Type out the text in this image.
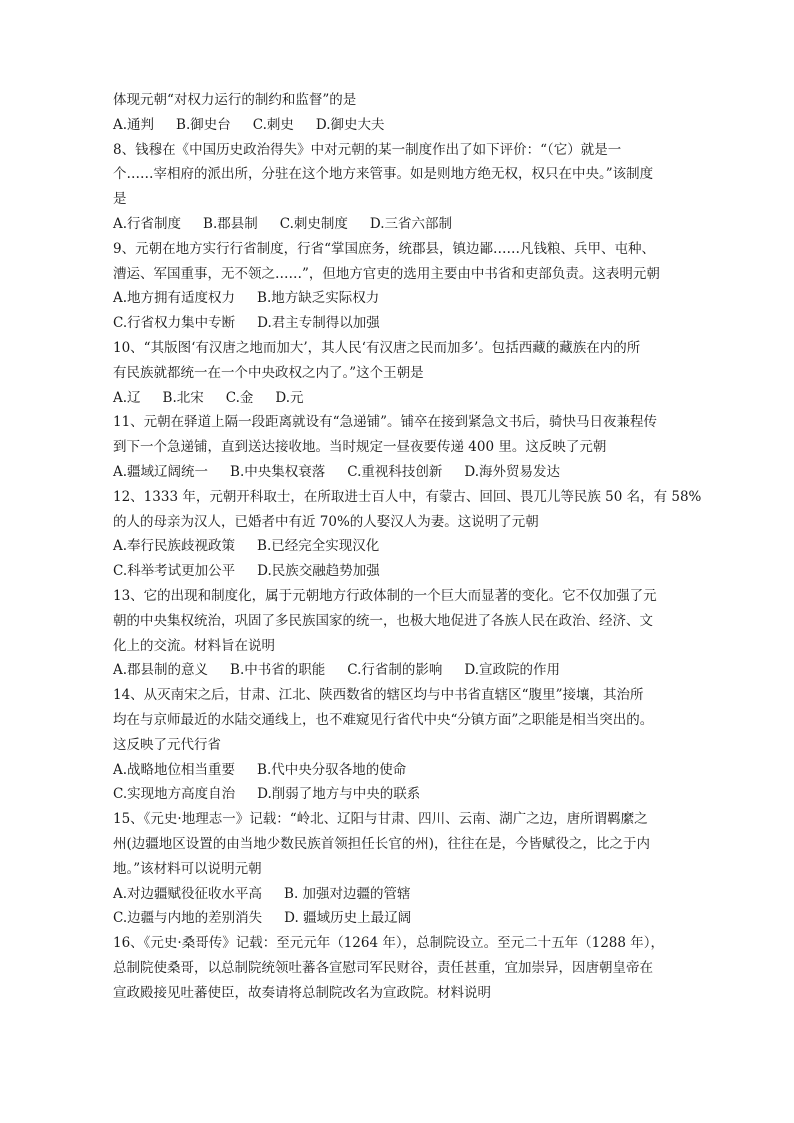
体现元朝“对权力运行的制约和监督”的是
A.通判 B.御史台 C.刺史 D.御史大夫
8、钱穆在《中国历史政治得失》中对元朝的某一制度作出了如下评价：“（它）就是一
个……宰相府的派出所，分驻在这个地方来管事。如是则地方绝无权，权只在中央。”该制度
是
A.行省制度 B.郡县制 C.刺史制度 D.三省六部制
9、元朝在地方实行行省制度，行省“掌国庶务，统郡县，镇边鄙……凡钱粮、兵甲、屯种、
漕运、军国重事，无不领之……”，但地方官吏的选用主要由中书省和吏部负责。这表明元朝
A.地方拥有适度权力 B.地方缺乏实际权力
C.行省权力集中专断 D.君主专制得以加强
10、“其版图‘有汉唐之地而加大’，其人民‘有汉唐之民而加多’。包括西藏的藏族在内的所
有民族就都统一在一个中央政权之内了。”这个王朝是
A.辽 B.北宋 C.金 D.元
11、元朝在驿道上隔一段距离就设有“急递铺”。铺卒在接到紧急文书后，骑快马日夜兼程传
到下一个急递铺，直到送达接收地。当时规定一昼夜要传递 400 里。这反映了元朝
A.疆域辽阔统一 B.中央集权衰落 C.重视科技创新 D.海外贸易发达
12、1333 年，元朝开科取士，在所取进士百人中，有蒙古、回回、畏兀儿等民族 50 名，有 58%
的人的母亲为汉人，已婚者中有近 70%的人娶汉人为妻。这说明了元朝
A.奉行民族歧视政策 B.已经完全实现汉化
C.科举考试更加公平 D.民族交融趋势加强
13、它的出现和制度化，属于元朝地方行政体制的一个巨大而显著的变化。它不仅加强了元
朝的中央集权统治，巩固了多民族国家的统一，也极大地促进了各族人民在政治、经济、文
化上的交流。材料旨在说明
A.郡县制的意义 B.中书省的职能 C.行省制的影响 D.宣政院的作用
14、从灭南宋之后，甘肃、江北、陕西数省的辖区均与中书省直辖区“腹里”接壤，其治所
均在与京师最近的水陆交通线上，也不难窥见行省代中央“分镇方面”之职能是相当突出的。
这反映了元代行省
A.战略地位相当重要 B.代中央分驭各地的使命
C.实现地方高度自治 D.削弱了地方与中央的联系
15、《元史·地理志一》记载：“岭北、辽阳与甘肃、四川、云南、湖广之边，唐所谓羁縻之
州(边疆地区设置的由当地少数民族首领担任长官的州)，往往在是，今皆赋役之，比之于内
地。”该材料可以说明元朝
A.对边疆赋役征收水平高 B. 加强对边疆的管辖
C.边疆与内地的差别消失 D. 疆域历史上最辽阔
16、《元史·桑哥传》记载：至元元年（1264 年），总制院设立。至元二十五年（1288 年），
总制院使桑哥，以总制院统领吐蕃各宣慰司军民财谷，责任甚重，宜加崇异，因唐朝皇帝在
宣政殿接见吐蕃使臣，故奏请将总制院改名为宣政院。材料说明
